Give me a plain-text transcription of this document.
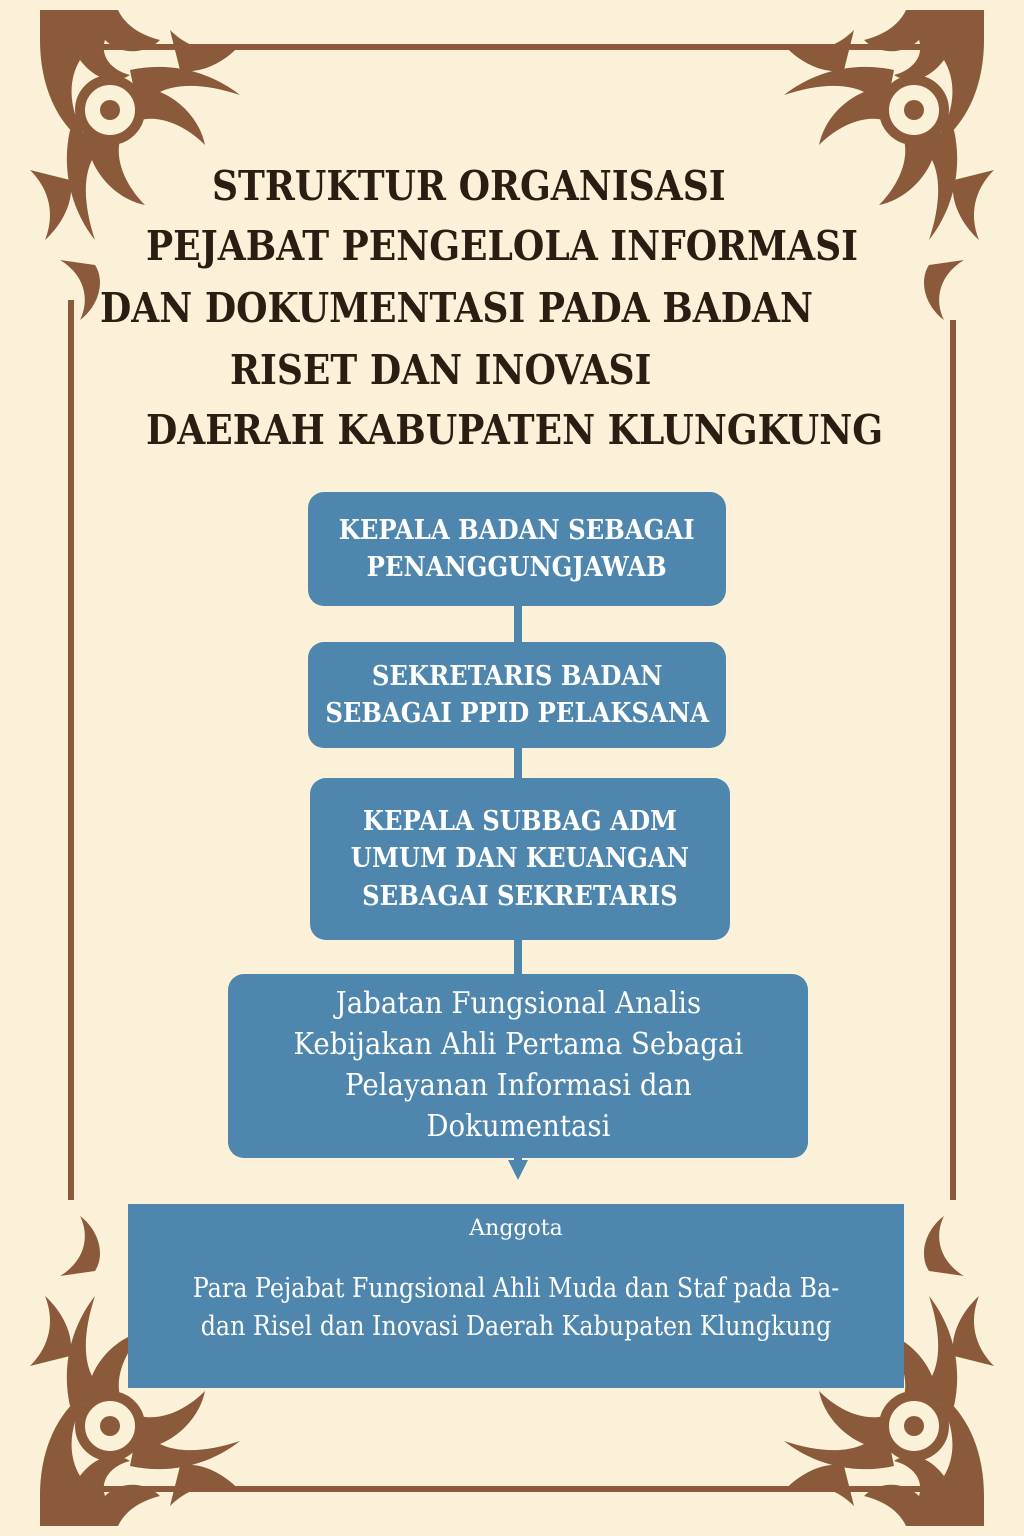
STRUKTUR ORGANISASI
PEJABAT PENGELOLA INFORMASI
DAN DOKUMENTASI PADA BADAN
RISET DAN INOVASI
DAERAH KABUPATEN KLUNGKUNG
KEPALA BADAN SEBAGAI
PENANGGUNGJAWAB
SEKRETARIS BADAN
SEBAGAI PPID PELAKSANA
KEPALA SUBBAG ADM
UMUM DAN KEUANGAN
SEBAGAI SEKRETARIS
Jabatan Fungsional Analis
Kebijakan Ahli Pertama Sebagai
Pelayanan Informasi dan
Dokumentasi
Anggota
Para Pejabat Fungsional Ahli Muda dan Staf pada Ba-
dan Risel dan Inovasi Daerah Kabupaten Klungkung
